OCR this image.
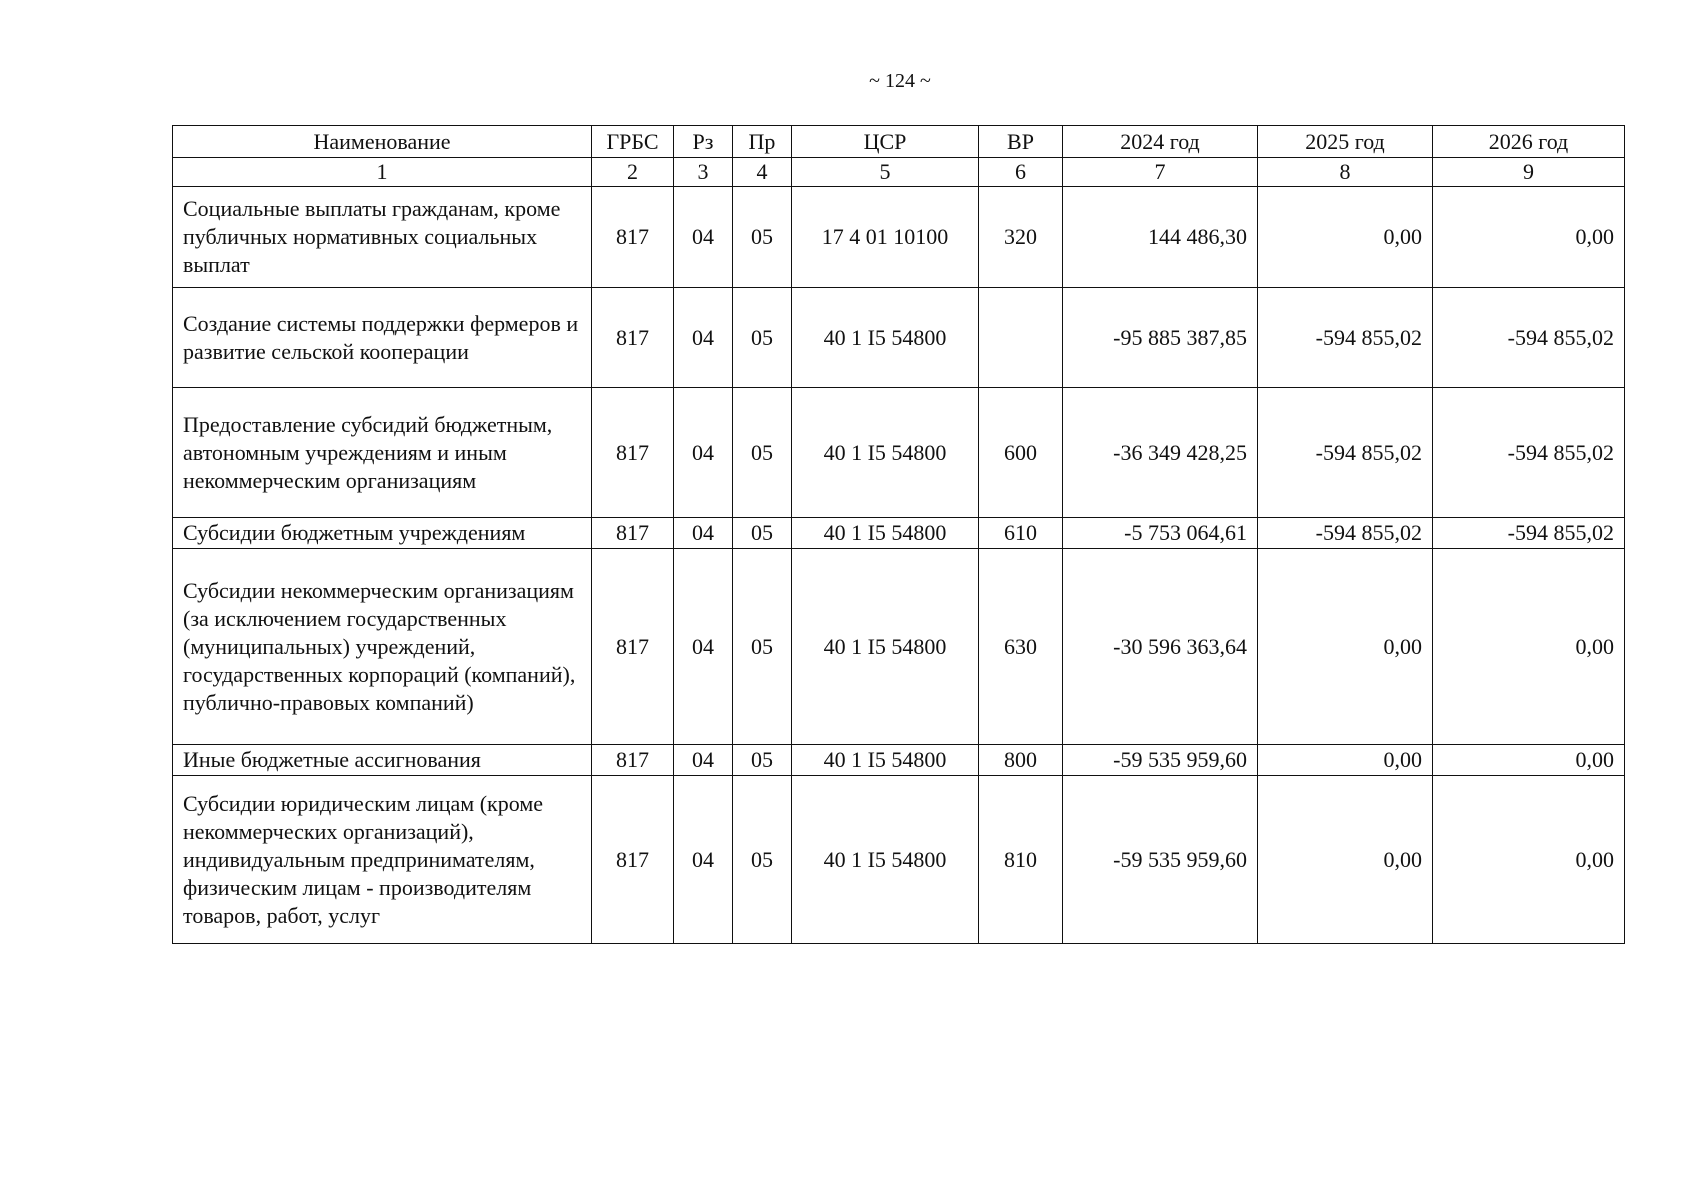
~ 124 ~
Наименование	ГРБС	Рз	Пр	ЦСР	ВР	2024 год	2025 год	2026 год
1	2	3	4	5	6	7	8	9
Социальные выплаты гражданам, кроме публичных нормативных социальных выплат	817	04	05	17 4 01 10100	320	144 486,30	0,00	0,00
Создание системы поддержки фермеров и развитие сельской кооперации	817	04	05	40 1 I5 54800		-95 885 387,85	-594 855,02	-594 855,02
Предоставление субсидий бюджетным, автономным учреждениям и иным некоммерческим организациям	817	04	05	40 1 I5 54800	600	-36 349 428,25	-594 855,02	-594 855,02
Субсидии бюджетным учреждениям	817	04	05	40 1 I5 54800	610	-5 753 064,61	-594 855,02	-594 855,02
Субсидии некоммерческим организациям (за исключением государственных (муниципальных) учреждений, государственных корпораций (компаний), публично-правовых компаний)	817	04	05	40 1 I5 54800	630	-30 596 363,64	0,00	0,00
Иные бюджетные ассигнования	817	04	05	40 1 I5 54800	800	-59 535 959,60	0,00	0,00
Субсидии юридическим лицам (кроме некоммерческих организаций), индивидуальным предпринимателям, физическим лицам - производителям товаров, работ, услуг	817	04	05	40 1 I5 54800	810	-59 535 959,60	0,00	0,00
